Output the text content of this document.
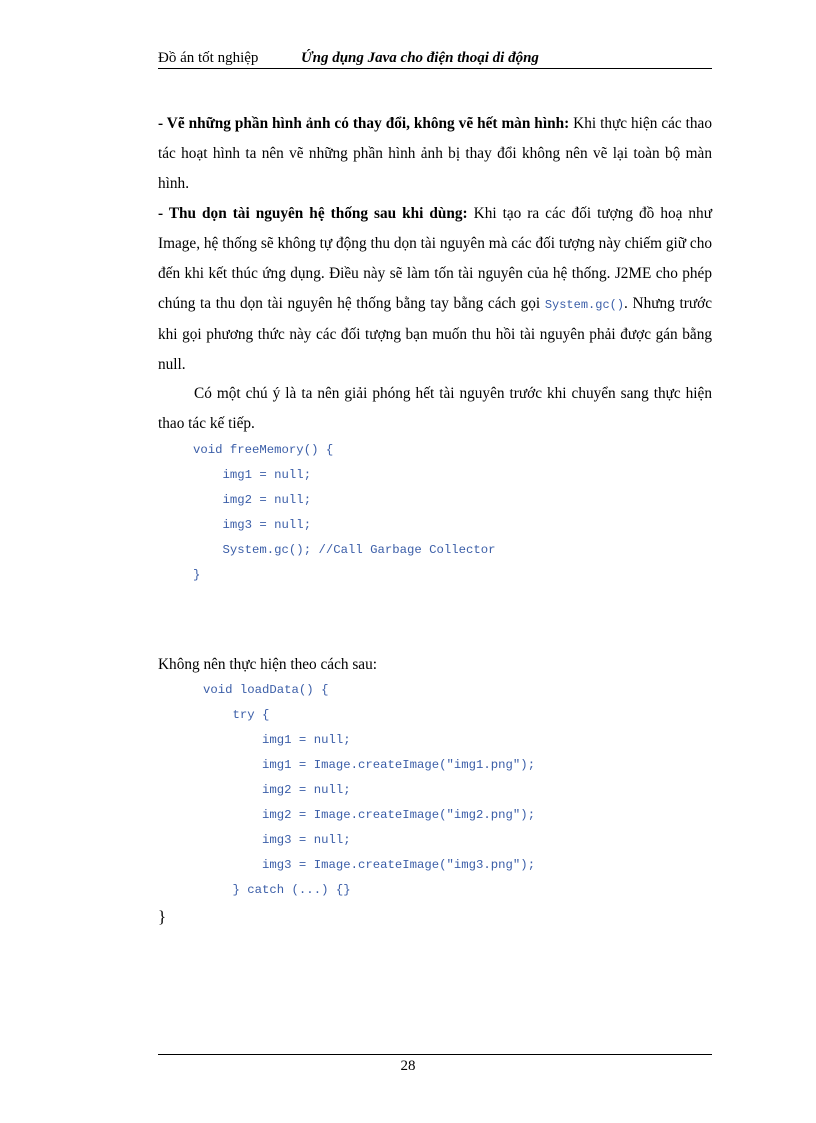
Đồ án tốt nghiệp	Ứng dụng Java cho điện thoại di động
- Vẽ những phần hình ảnh có thay đổi, không vẽ hết màn hình: Khi thực hiện các thao tác hoạt hình ta nên vẽ những phần hình ảnh bị thay đổi không nên vẽ lại toàn bộ màn hình.
- Thu dọn tài nguyên hệ thống sau khi dùng: Khi tạo ra các đối tượng đồ hoạ như Image, hệ thống sẽ không tự động thu dọn tài nguyên mà các đối tượng này chiếm giữ cho đến khi kết thúc ứng dụng. Điều này sẽ làm tốn tài nguyên của hệ thống. J2ME cho phép chúng ta thu dọn tài nguyên hệ thống bằng tay bằng cách gọi System.gc(). Nhưng trước khi gọi phương thức này các đối tượng bạn muốn thu hồi tài nguyên phải được gán bằng null.
Có một chú ý là ta nên giải phóng hết tài nguyên trước khi chuyển sang thực hiện thao tác kế tiếp.
void freeMemory() {
img1 = null;
img2 = null;
img3 = null;
System.gc(); //Call Garbage Collector
}
Không nên thực hiện theo cách sau:
void loadData() {
try {
img1 = null;
img1 = Image.createImage("img1.png");
img2 = null;
img2 = Image.createImage("img2.png");
img3 = null;
img3 = Image.createImage("img3.png");
} catch (...) {}
}
28
